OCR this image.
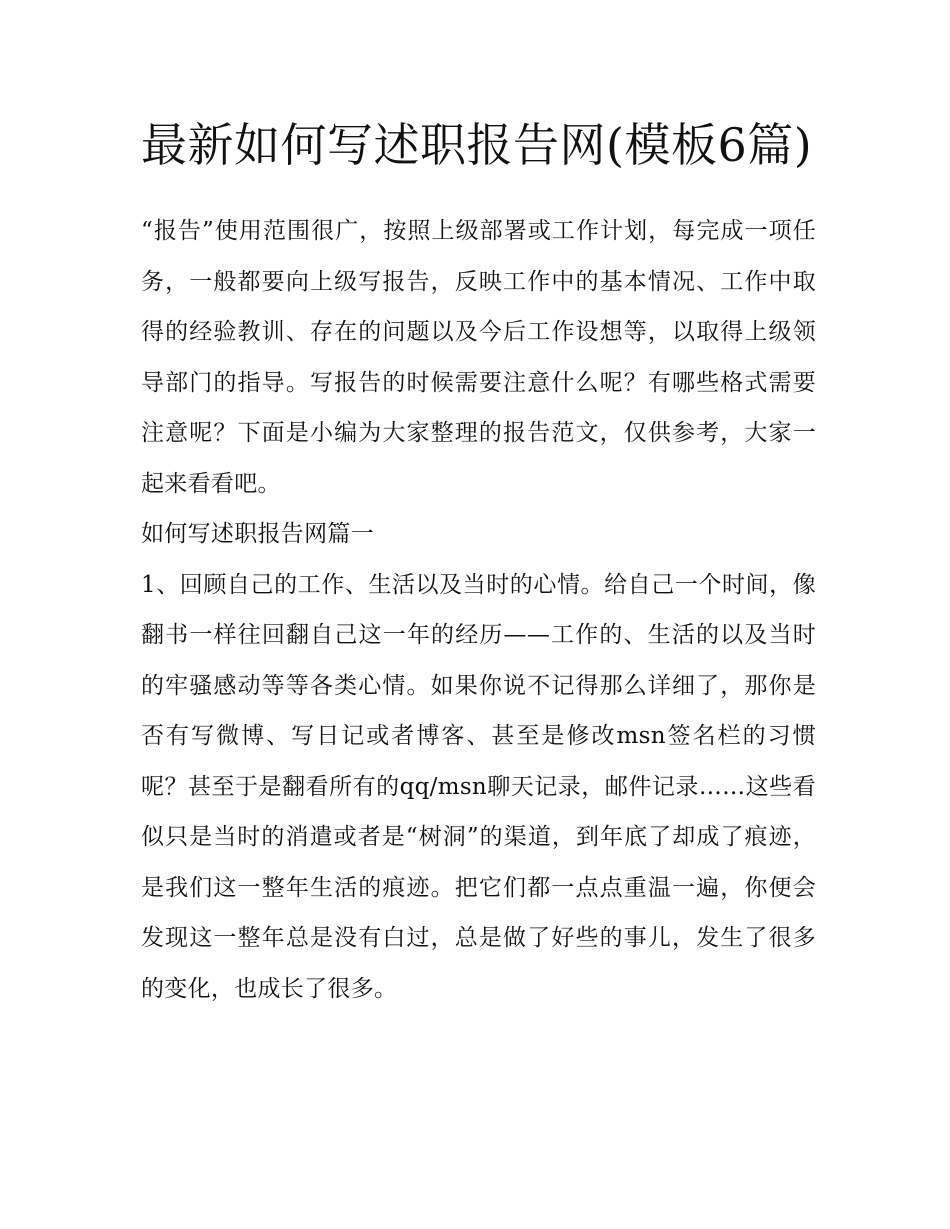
最新如何写述职报告网(模板6篇)

“报告”使用范围很广，按照上级部署或工作计划，每完成一项任务，一般都要向上级写报告，反映工作中的基本情况、工作中取得的经验教训、存在的问题以及今后工作设想等，以取得上级领导部门的指导。写报告的时候需要注意什么呢？有哪些格式需要注意呢？下面是小编为大家整理的报告范文，仅供参考，大家一起来看看吧。

如何写述职报告网篇一

1、回顾自己的工作、生活以及当时的心情。给自己一个时间，像翻书一样往回翻自己这一年的经历——工作的、生活的以及当时的牢骚感动等等各类心情。如果你说不记得那么详细了，那你是否有写微博、写日记或者博客、甚至是修改msn签名栏的习惯呢？甚至于是翻看所有的qq/msn聊天记录，邮件记录……这些看似只是当时的消遣或者是“树洞”的渠道，到年底了却成了痕迹，是我们这一整年生活的痕迹。把它们都一点点重温一遍，你便会发现这一整年总是没有白过，总是做了好些的事儿，发生了很多的变化，也成长了很多。
